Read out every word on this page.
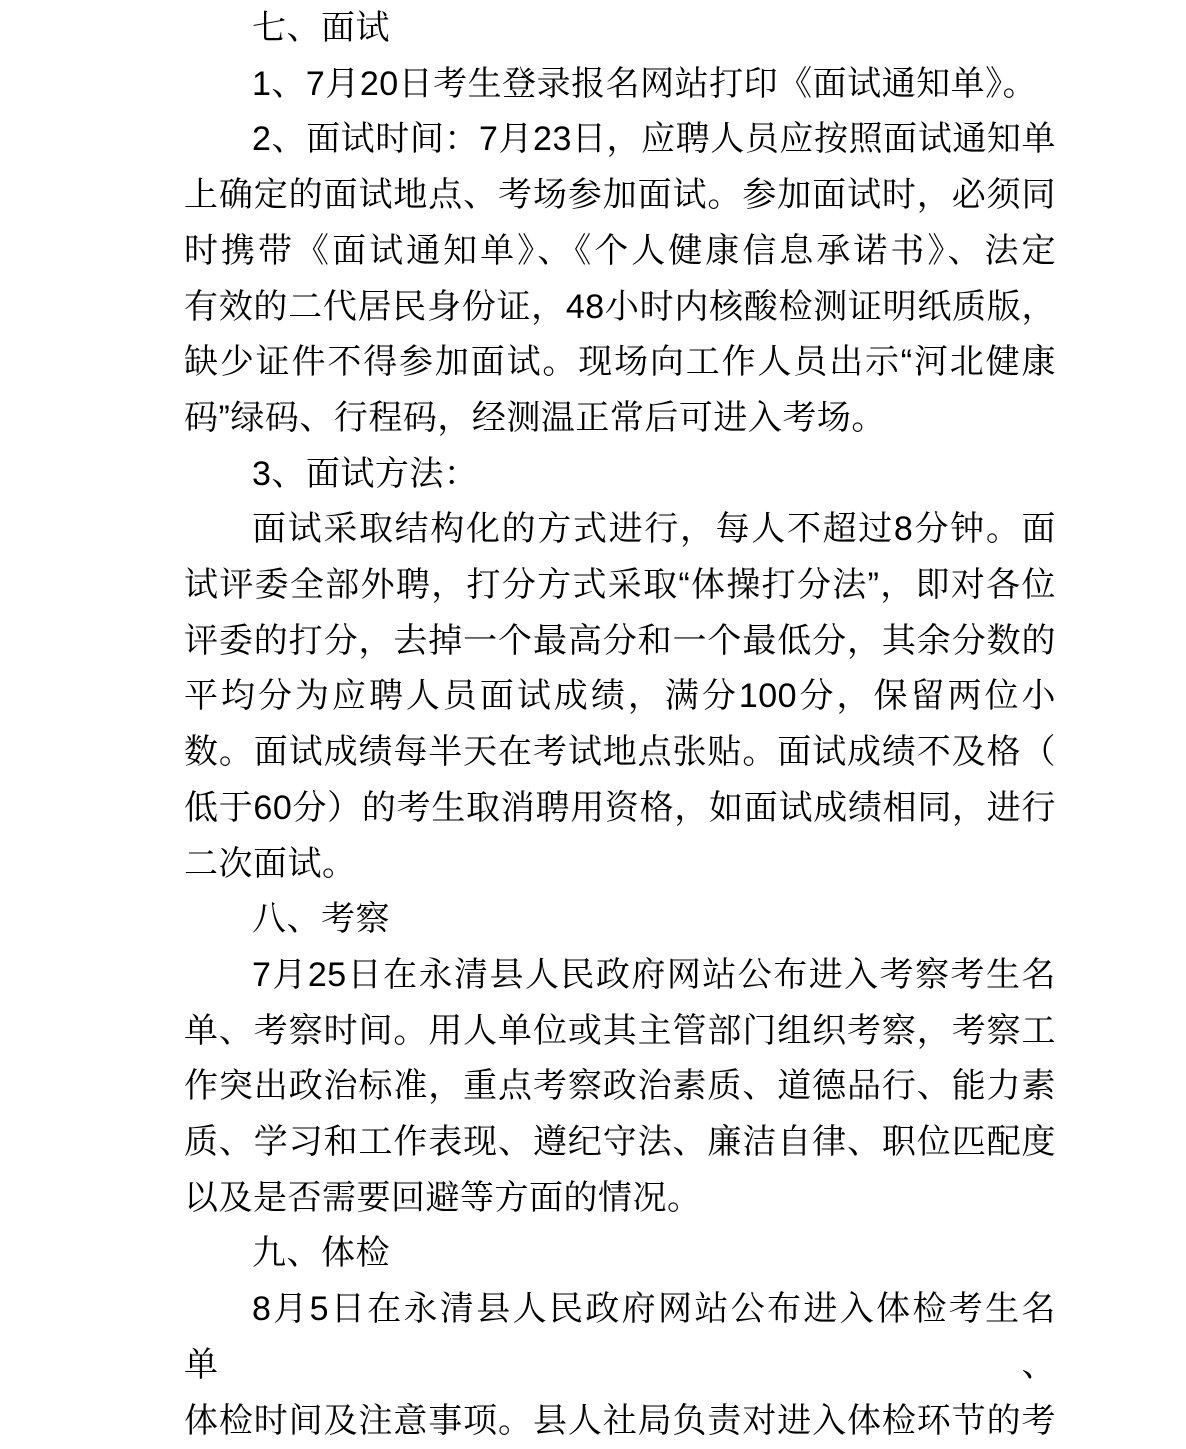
七、面试
1、7月20日考生登录报名网站打印《面试通知单》。
2、面试时间：7月23日，应聘人员应按照面试通知单
上确定的面试地点、考场参加面试。参加面试时，必须同
时携带《面试通知单》、《个人健康信息承诺书》、法定
有效的二代居民身份证，48小时内核酸检测证明纸质版，
缺少证件不得参加面试。现场向工作人员出示“河北健康
码”绿码、行程码，经测温正常后可进入考场。
3、面试方法：
面试采取结构化的方式进行，每人不超过8分钟。面
试评委全部外聘，打分方式采取“体操打分法”，即对各位
评委的打分，去掉一个最高分和一个最低分，其余分数的
平均分为应聘人员面试成绩，满分100分，保留两位小
数。面试成绩每半天在考试地点张贴。面试成绩不及格（
低于60分）的考生取消聘用资格，如面试成绩相同，进行
二次面试。
八、考察
7月25日在永清县人民政府网站公布进入考察考生名
单、考察时间。用人单位或其主管部门组织考察，考察工
作突出政治标准，重点考察政治素质、道德品行、能力素
质、学习和工作表现、遵纪守法、廉洁自律、职位匹配度
以及是否需要回避等方面的情况。
九、体检
8月5日在永清县人民政府网站公布进入体检考生名单、
体检时间及注意事项。县人社局负责对进入体检环节的考
